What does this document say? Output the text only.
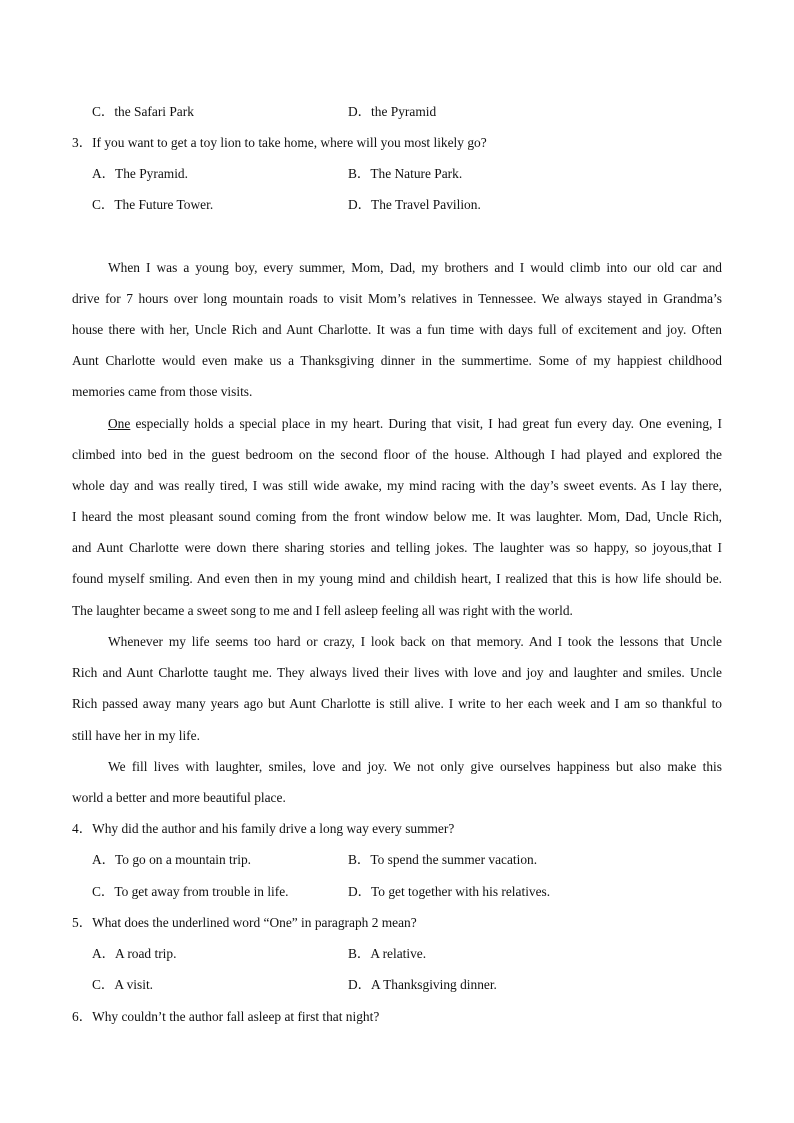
C．the Safari Park	D．the Pyramid
3．If you want to get a toy lion to take home, where will you most likely go?
A．The Pyramid.	B．The Nature Park.
C．The Future Tower.	D．The Travel Pavilion.
When I was a young boy, every summer, Mom, Dad, my brothers and I would climb into our old car and
drive for 7 hours over long mountain roads to visit Mom’s relatives in Tennessee. We always stayed in Grandma’s
house there with her, Uncle Rich and Aunt Charlotte. It was a fun time with days full of excitement and joy. Often
Aunt Charlotte would even make us a Thanksgiving dinner in the summertime. Some of my happiest childhood
memories came from those visits.
One especially holds a special place in my heart. During that visit, I had great fun every day. One evening, I
climbed into bed in the guest bedroom on the second floor of the house. Although I had played and explored the
whole day and was really tired, I was still wide awake, my mind racing with the day’s sweet events. As I lay there,
I heard the most pleasant sound coming from the front window below me. It was laughter. Mom, Dad, Uncle Rich,
and Aunt Charlotte were down there sharing stories and telling jokes. The laughter was so happy, so joyous,that I
found myself smiling. And even then in my young mind and childish heart, I realized that this is how life should be.
The laughter became a sweet song to me and I fell asleep feeling all was right with the world.
Whenever my life seems too hard or crazy, I look back on that memory. And I took the lessons that Uncle
Rich and Aunt Charlotte taught me. They always lived their lives with love and joy and laughter and smiles. Uncle
Rich passed away many years ago but Aunt Charlotte is still alive. I write to her each week and I am so thankful to
still have her in my life.
We fill lives with laughter, smiles, love and joy. We not only give ourselves happiness but also make this
world a better and more beautiful place.
4．Why did the author and his family drive a long way every summer?
A．To go on a mountain trip.	B．To spend the summer vacation.
C．To get away from trouble in life.	D．To get together with his relatives.
5．What does the underlined word “One” in paragraph 2 mean?
A．A road trip.	B．A relative.
C．A visit.	D．A Thanksgiving dinner.
6．Why couldn’t the author fall asleep at first that night?
